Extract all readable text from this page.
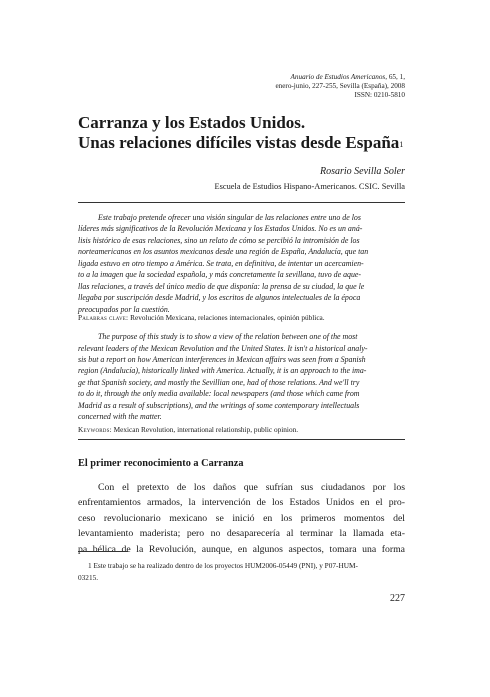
Anuario de Estudios Americanos, 65, 1,
enero-junio, 227-255, Sevilla (España), 2008
ISSN: 0210-5810
Carranza y los Estados Unidos.
Unas relaciones difíciles vistas desde España$^1$
Rosario Sevilla Soler
Escuela de Estudios Hispano-Americanos. CSIC. Sevilla

Este trabajo pretende ofrecer una visión singular de las relaciones entre uno de los
líderes más significativos de la Revolución Mexicana y los Estados Unidos. No es un aná-

lisis histórico de esas relaciones, sino un relato de cómo se percibió la intromisión de los
norteamericanos en los asuntos mexicanos desde una región de España, Andalucía, que tan
ligada estuvo en otro tiempo a América. Se trata, en definitiva, de intentar un acercamien-
to a la imagen que la sociedad española, y más concretamente la sevillana, tuvo de aque-
llas relaciones, a través del único medio de que disponía: la prensa de su ciudad, la que le
llegaba por suscripción desde Madrid, y los escritos de algunos intelectuales de la época
preocupados por la cuestión.

Palabras clave: Revolución Mexicana, relaciones internacionales, opinión pública.

The purpose of this study is to show a view of the relation between one of the most

relevant leaders of the Mexican Revolution and the United States. It isn't a historical analy-
sis but a report on how American interferences in Mexican affairs was seen from a Spanish
region (Andalucía), historically linked with America. Actually, it is an approach to the ima-
ge that Spanish society, and mostly the Sevillian one, had of those relations. And we'll try
to do it, through the only media available: local newspapers (and those which came from
Madrid as a result of subscriptions), and the writings of some contemporary intellectuals
concerned with the matter.

Keywords: Mexican Revolution, international relationship, public opinion.
El primer reconocimiento a Carranza
Con el pretexto de los daños que sufrían sus ciudadanos por los
enfrentamientos armados, la intervención de los Estados Unidos en el pro-
ceso revolucionario mexicano se inició en los primeros momentos del
levantamiento maderista; pero no desaparecería al terminar la llamada eta-
pa bélica de la Revolución, aunque, en algunos aspectos, tomara una forma
1 Este trabajo se ha realizado dentro de los proyectos HUM2006-05449 (PNI), y P07-HUM-
03215.
227
